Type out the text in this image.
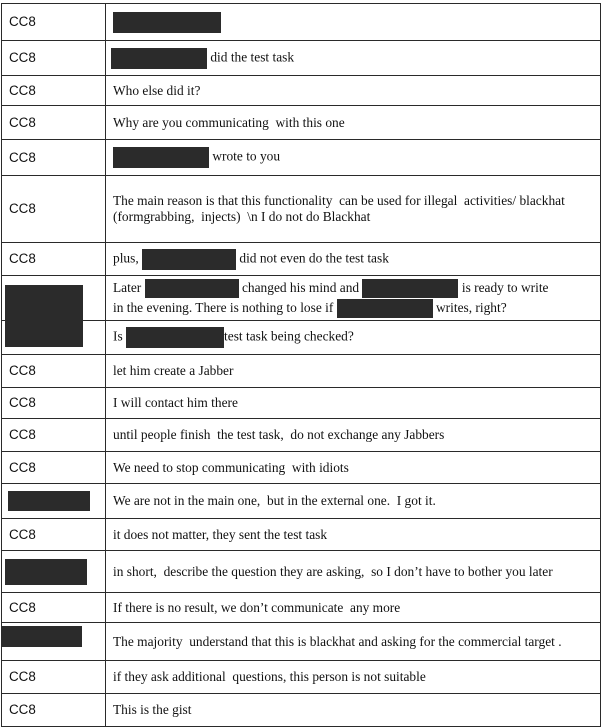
CC8	
CC8	did the test task
CC8	Who else did it?
CC8	Why are you communicating  with this one
CC8	wrote to you
CC8	The main reason is that this functionality  can be used for illegal  activities/ blackhat (formgrabbing,  injects)  \n I do not do Blackhat
CC8	plus, did not even do the test task

	Later changed his mind and is ready to write
in the evening. There is nothing to lose if writes, right?

	Is test task being checked?
CC8	let him create a Jabber
CC8	I will contact him there
CC8	until people finish  the test task,  do not exchange any Jabbers
CC8	We need to stop communicating  with idiots
	We are not in the main one,  but in the external one.  I got it.
CC8	it does not matter, they sent the test task
	in short,  describe the question they are asking,  so I don’t have to bother you later
CC8	If there is no result, we don’t communicate  any more
	The majority  understand that this is blackhat and asking for the commercial target .
CC8	if they ask additional  questions, this person is not suitable
CC8	This is the gist
